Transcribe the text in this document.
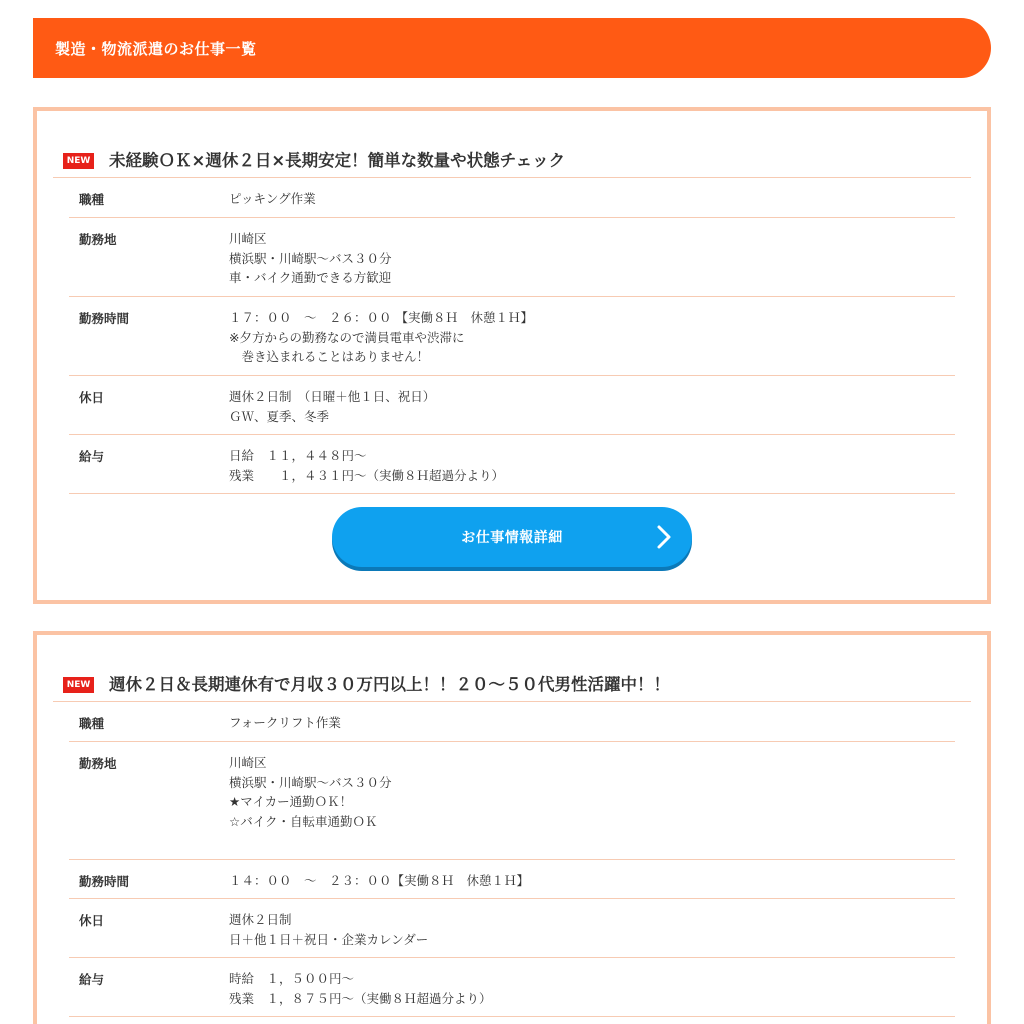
製造・物流派遣のお仕事一覧
NEW 未経験ＯＫ×週休２日×長期安定！簡単な数量や状態チェック
職種	ピッキング作業
勤務地	川崎区
横浜駅・川崎駅〜バス３０分
車・バイク通勤できる方歓迎
勤務時間	１７：００　〜　２６：００ 【実働８Ｈ　休憩１Ｈ】
※夕方からの勤務なので満員電車や渋滞に
　巻き込まれることはありません！
休日	週休２日制　（日曜＋他１日、祝日）
ＧＷ、夏季、冬季
給与	日給　１１，４４８円〜
残業　　１，４３１円〜（実働８Ｈ超過分より）
お仕事情報詳細
NEW 週休２日＆長期連休有で月収３０万円以上！！２０〜５０代男性活躍中！！
職種	フォークリフト作業
勤務地	川崎区
横浜駅・川崎駅〜バス３０分
★マイカー通勤ＯＫ！
☆バイク・自転車通勤ＯＫ
勤務時間	１４：００　〜　２３：００【実働８Ｈ　休憩１Ｈ】
休日	週休２日制
日＋他１日＋祝日・企業カレンダー
給与	時給　１，５００円〜
残業　１，８７５円〜（実働８Ｈ超過分より）
